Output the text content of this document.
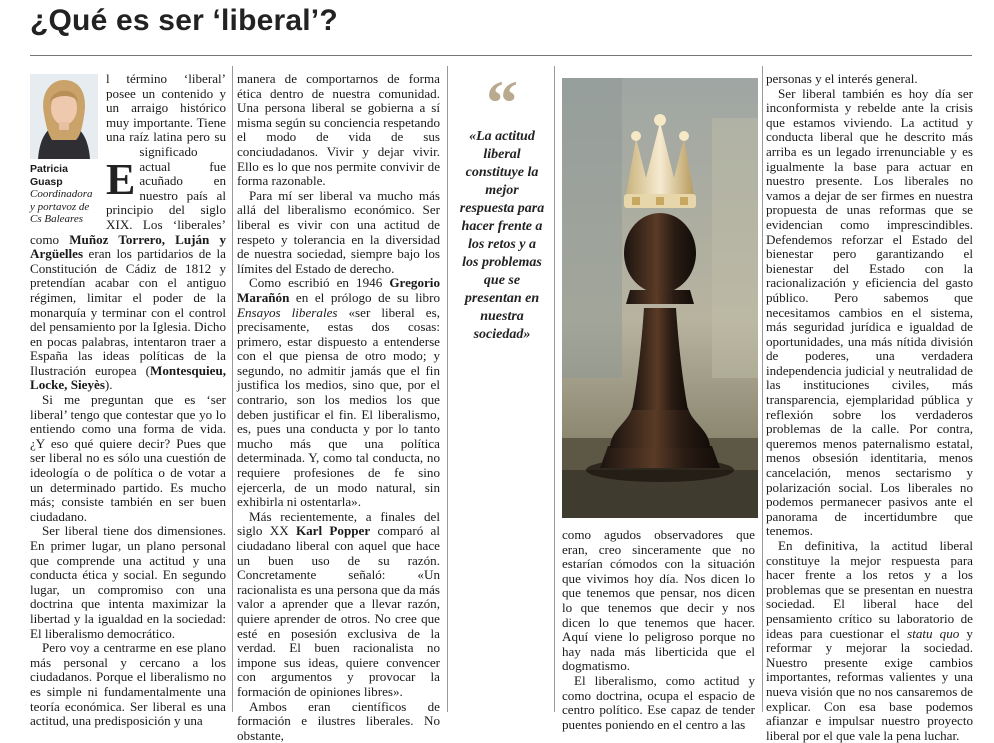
¿Qué es ser ‘liberal’?
Patricia Guasp
Coordinadora y portavoz de Cs Baleares

E
l término ‘liberal’ posee un contenido y un arraigo histórico muy importante. Tiene una raíz latina pero su significado actual fue acuñado en nuestro país al principio del siglo XIX. Los ‘liberales’ como Muñoz Torrero, Luján y Argüelles eran los partidarios de la Constitución de Cádiz de 1812 y pretendían acabar con el antiguo régimen, limitar el poder de la monarquía y terminar con el control del pensamiento por la Iglesia. Dicho en pocas palabras, intentaron traer a España las ideas políticas de la Ilustración europea (Montesquieu, Locke, Sieyès).

Si me preguntan que es ‘ser liberal’ tengo que contestar que yo lo entiendo como una forma de vida. ¿Y eso qué quiere decir? Pues que ser liberal no es sólo una cuestión de ideología o de política o de votar a un determinado partido. Es mucho más; consiste también en ser buen ciudadano.

Ser liberal tiene dos dimensiones. En primer lugar, un plano personal que comprende una actitud y una conducta ética y social. En segundo lugar, un compromiso con una doctrina que intenta maximizar la libertad y la igualdad en la sociedad: El liberalismo democrático.

Pero voy a centrarme en ese plano más personal y cercano a los ciudadanos. Porque el liberalismo no es simple ni fundamentalmente una teoría económica. Ser liberal es una actitud, una predisposición y una

manera de comportarnos de forma ética dentro de nuestra comunidad. Una persona liberal se gobierna a sí misma según su conciencia respetando el modo de vida de sus conciudadanos. Vivir y dejar vivir. Ello es lo que nos permite convivir de forma razonable.

Para mí ser liberal va mucho más allá del liberalismo económico. Ser liberal es vivir con una actitud de respeto y tolerancia en la diversidad de nuestra sociedad, siempre bajo los límites del Estado de derecho.

Como escribió en 1946 Gregorio Marañón en el prólogo de su libro Ensayos liberales «ser liberal es, precisamente, estas dos cosas: primero, estar dispuesto a entenderse con el que piensa de otro modo; y segundo, no admitir jamás que el fin justifica los medios, sino que, por el contrario, son los medios los que deben justificar el fin. El liberalismo, es, pues una conducta y por lo tanto mucho más que una política determinada. Y, como tal conducta, no requiere profesiones de fe sino ejercerla, de un modo natural, sin exhibirla ni ostentarla».

Más recientemente, a finales del siglo XX Karl Popper comparó al ciudadano liberal con aquel que hace un buen uso de su razón. Concretamente señaló: «Un racionalista es una persona que da más valor a aprender que a llevar razón, quiere aprender de otros. No cree que esté en posesión exclusiva de la verdad. El buen racionalista no impone sus ideas, quiere convencer con argumentos y provocar la formación de opiniones libres».

Ambos eran científicos de formación e ilustres liberales. No obstante,

“
«La actitud liberal constituye la mejor respuesta para hacer frente a los retos y a los problemas que se presentan en nuestra sociedad»

como agudos observadores que eran, creo sinceramente que no estarían cómodos con la situación que vivimos hoy día. Nos dicen lo que tenemos que pensar, nos dicen lo que tenemos que decir y nos dicen lo que tenemos que hacer. Aquí viene lo peligroso porque no hay nada más liberticida que el dogmatismo.

El liberalismo, como actitud y como doctrina, ocupa el espacio de centro político. Ese capaz de tender puentes poniendo en el centro a las

personas y el interés general.

Ser liberal también es hoy día ser inconformista y rebelde ante la crisis que estamos viviendo. La actitud y conducta liberal que he descrito más arriba es un legado irrenunciable y es igualmente la base para actuar en nuestro presente. Los liberales no vamos a dejar de ser firmes en nuestra propuesta de unas reformas que se evidencian como imprescindibles. Defendemos reforzar el Estado del bienestar pero garantizando el bienestar del Estado con la racionalización y eficiencia del gasto público. Pero sabemos que necesitamos cambios en el sistema, más seguridad jurídica e igualdad de oportunidades, una más nítida división de poderes, una verdadera independencia judicial y neutralidad de las instituciones civiles, más transparencia, ejemplaridad pública y reflexión sobre los verdaderos problemas de la calle. Por contra, queremos menos paternalismo estatal, menos obsesión identitaria, menos cancelación, menos sectarismo y polarización social. Los liberales no podemos permanecer pasivos ante el panorama de incertidumbre que tenemos.

En definitiva, la actitud liberal constituye la mejor respuesta para hacer frente a los retos y a los problemas que se presentan en nuestra sociedad. El liberal hace del pensamiento crítico su laboratorio de ideas para cuestionar el statu quo y reformar y mejorar la sociedad. Nuestro presente exige cambios importantes, reformas valientes y una nueva visión que no nos cansaremos de explicar. Con esa base podemos afianzar e impulsar nuestro proyecto liberal por el que vale la pena luchar.
